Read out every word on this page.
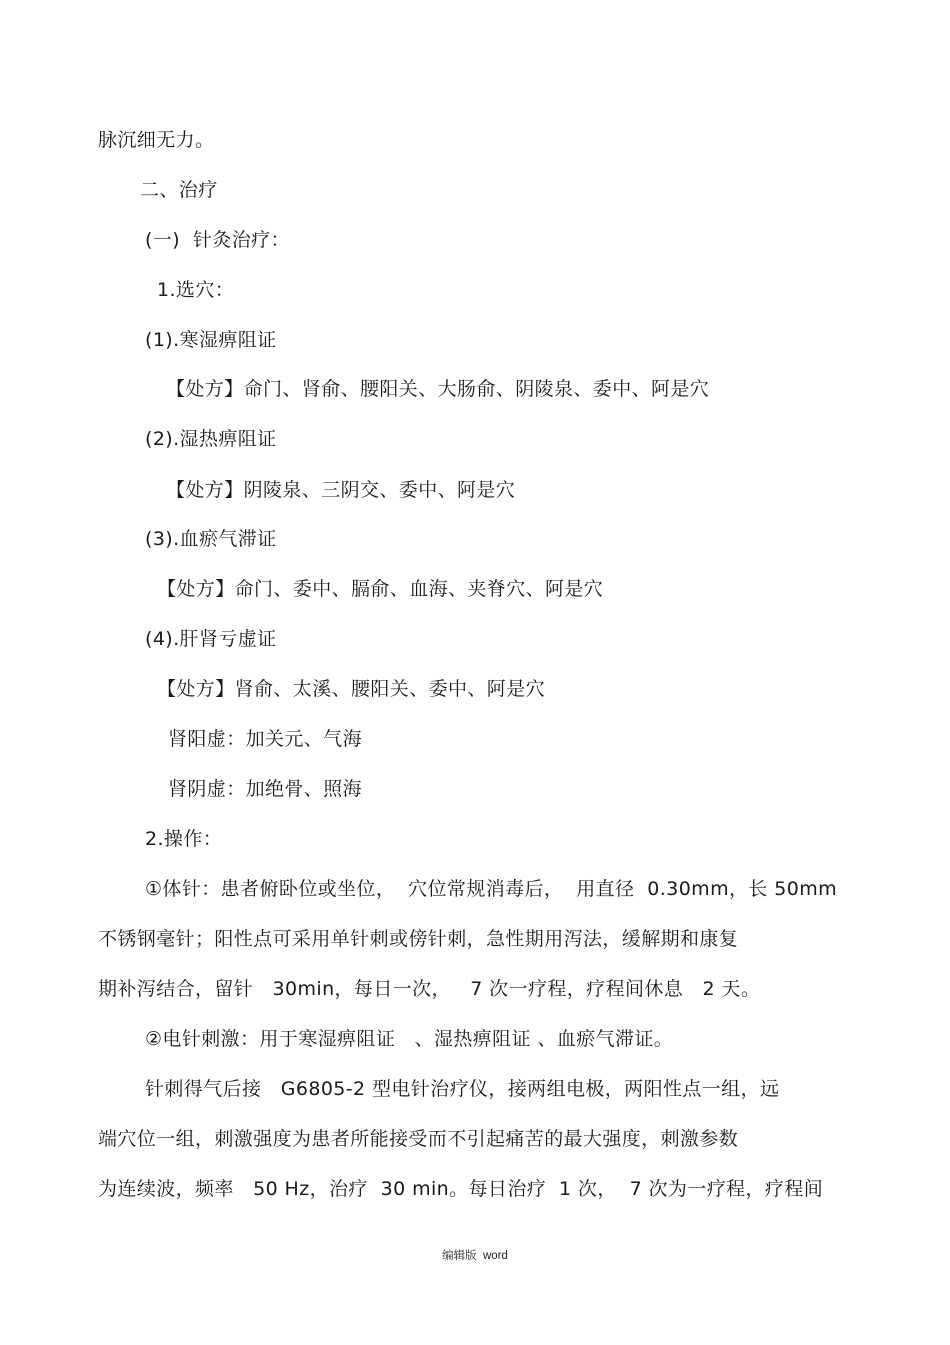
脉沉细无力。
二、治疗
(一)  针灸治疗：
1.选穴：
(1).寒湿痹阻证
【处方】命门、肾俞、腰阳关、大肠俞、阴陵泉、委中、阿是穴
(2).湿热痹阻证
【处方】阴陵泉、三阴交、委中、阿是穴
(3).血瘀气滞证
【处方】命门、委中、膈俞、血海、夹脊穴、阿是穴
(4).肝肾亏虚证
【处方】肾俞、太溪、腰阳关、委中、阿是穴
肾阳虚：加关元、气海
肾阴虚：加绝骨、照海
2.操作：
①体针：患者俯卧位或坐位，  穴位常规消毒后，  用直径  0.30mm，长 50mm
不锈钢毫针；阳性点可采用单针刺或傍针刺，急性期用泻法，缓解期和康复
期补泻结合，留针   30min，每日一次，   7 次一疗程，疗程间休息   2 天。
②电针刺激：用于寒湿痹阻证   、湿热痹阻证 、血瘀气滞证。
针刺得气后接   G6805-2 型电针治疗仪，接两组电极，两阳性点一组，远
端穴位一组，刺激强度为患者所能接受而不引起痛苦的最大强度，刺激参数
为连续波，频率   50 Hz，治疗  30 min。每日治疗  1 次，  7 次为一疗程，疗程间
编辑版  word
